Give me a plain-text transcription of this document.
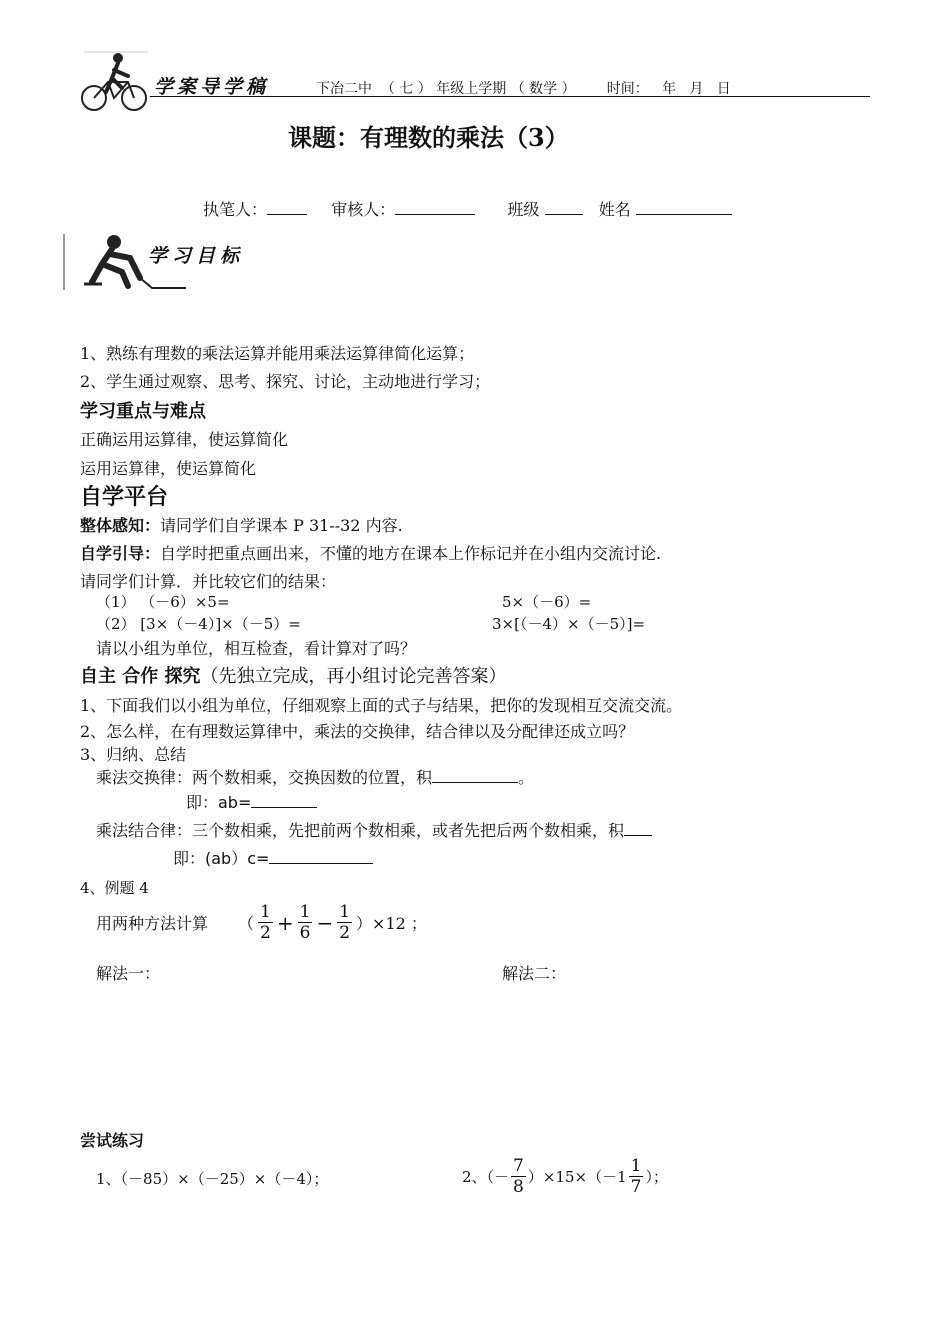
学案导学稿	下冶二中  （ 七 ） 年级上学期 （ 数学 ）       时间：   年   月   日
课题：有理数的乘法（3）
执笔人：	审核人：	班级	姓名
学习目标
1、熟练有理数的乘法运算并能用乘法运算律简化运算；
2、学生通过观察、思考、探究、讨论，主动地进行学习；
学习重点与难点
正确运用运算律，使运算简化
运用运算律，使运算简化
自学平台
整体感知：请同学们自学课本 P 31--32 内容.
自学引导：自学时把重点画出来，不懂的地方在课本上作标记并在小组内交流讨论.
请同学们计算．并比较它们的结果：
（1） （－6）×5=	5×（－6）=
（2） [3×（－4）]×（－5）=	3×[（－4）×（－5）]=
请以小组为单位，相互检查，看计算对了吗？
自主 合作 探究（先独立完成，再小组讨论完善答案）
1、下面我们以小组为单位，仔细观察上面的式子与结果，把你的发现相互交流交流。
2、怎么样，在有理数运算律中，乘法的交换律，结合律以及分配律还成立吗？
3、归纳、总结
乘法交换律：两个数相乘，交换因数的位置，积	。
即：ab=
乘法结合律：三个数相乘，先把前两个数相乘，或者先把后两个数相乘，积
即：(ab）c=
4、例题 4
用两种方法计算 （ $\frac{1}{2} + \frac{1}{6} - \frac{1}{2} )\times 12$ ；
解法一：	解法二：
尝试练习
1、（－85）×（－25）×（－4）；	2、（－ $\frac{7}{8} )\times 15\times(-1 \frac{1}{7}$ ）；
